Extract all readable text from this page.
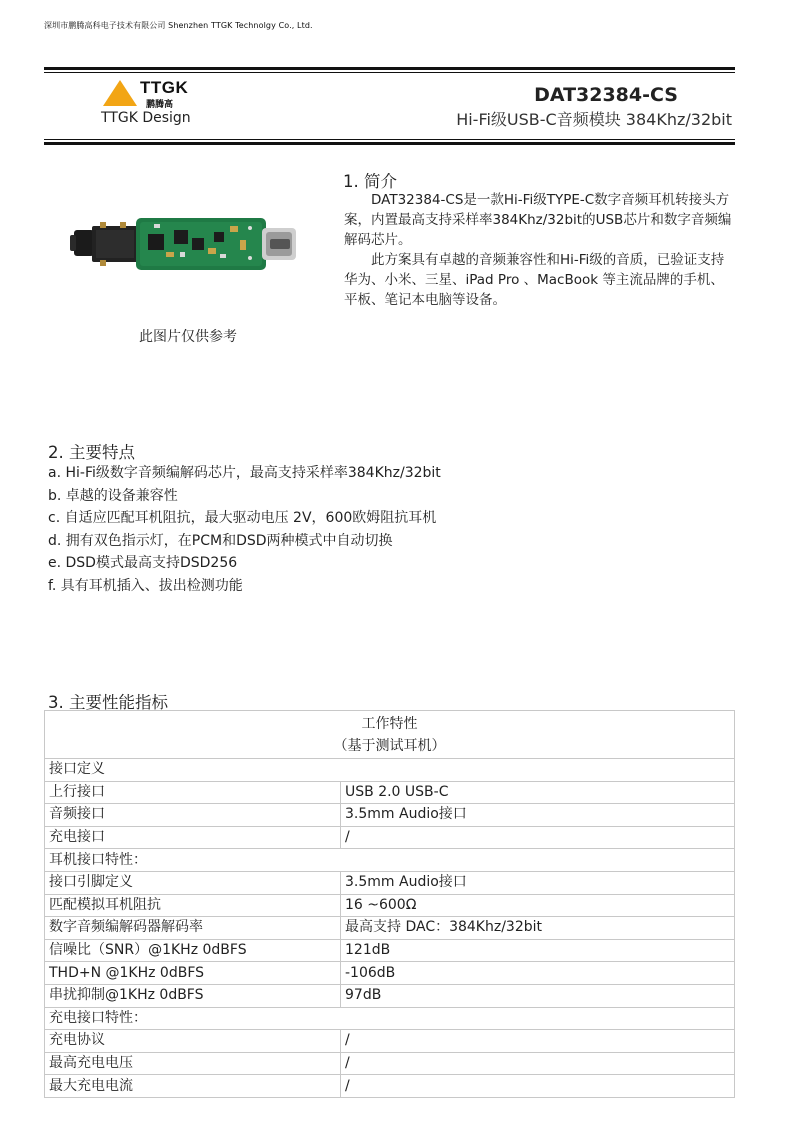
深圳市鹏腾高科电子技术有限公司 Shenzhen TTGK Technolgy Co., Ltd.
TTGK
鹏腾高
TTGK Design
DAT32384-CS
Hi-Fi级USB-C音频模块 384Khz/32bit
此图片仅供参考
1. 简介

DAT32384-CS是一款Hi-Fi级TYPE-C数字音频耳机转接头方案，内置最高支持采样率384Khz/32bit的USB芯片和数字音频编解码芯片。

此方案具有卓越的音频兼容性和Hi-Fi级的音质，已验证支持华为、小米、三星、iPad Pro 、MacBook 等主流品牌的手机、平板、笔记本电脑等设备。

2. 主要特点
a. Hi-Fi级数字音频编解码芯片，最高支持采样率384Khz/32bit
b. 卓越的设备兼容性
c. 自适应匹配耳机阻抗，最大驱动电压 2V，600欧姆阻抗耳机
d. 拥有双色指示灯，在PCM和DSD两种模式中自动切换
e. DSD模式最高支持DSD256
f. 具有耳机插入、拔出检测功能
3. 主要性能指标
工作特性
（基于测试耳机）	

接口定义	
上行接口	USB 2.0 USB-C
音频接口	3.5mm Audio接口
充电接口	/
耳机接口特性：	
接口引脚定义	3.5mm Audio接口
匹配模拟耳机阻抗	16 ~600Ω
数字音频编解码器解码率	最高支持 DAC：384Khz/32bit
信噪比（SNR）@1KHz 0dBFS	121dB
THD+N @1KHz 0dBFS	-106dB
串扰抑制@1KHz 0dBFS	97dB
充电接口特性：	
充电协议	/
最高充电电压	/
最大充电电流	/
